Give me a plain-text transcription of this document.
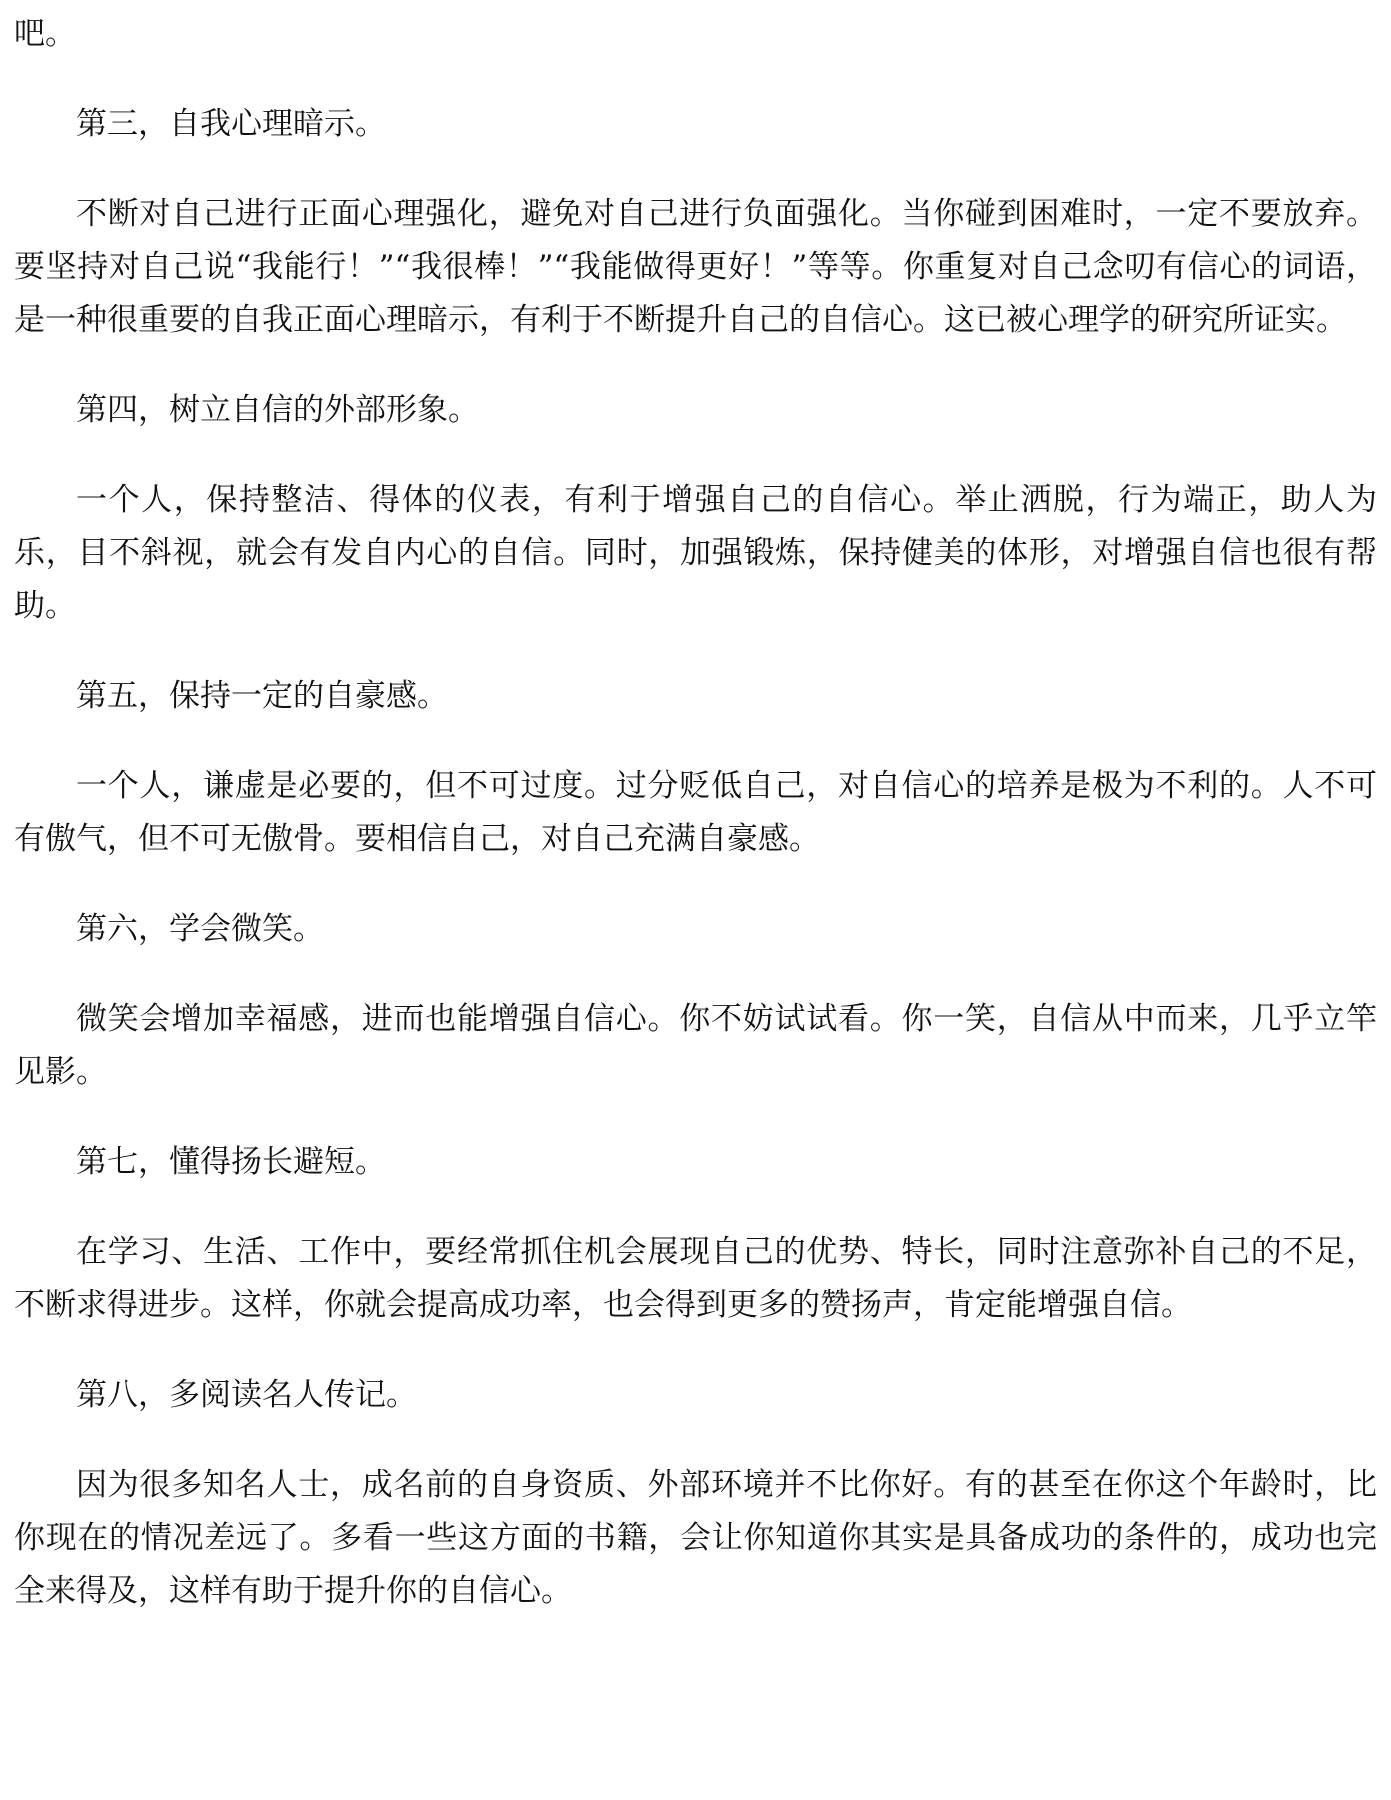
吧。

第三，自我心理暗示。

不断对自己进行正面心理强化，避免对自己进行负面强化。当你碰到困难时，一定不要放弃。要坚持对自己说“我能行！”“我很棒！”“我能做得更好！”等等。你重复对自己念叨有信心的词语，是一种很重要的自我正面心理暗示，有利于不断提升自己的自信心。这已被心理学的研究所证实。

第四，树立自信的外部形象。

一个人，保持整洁、得体的仪表，有利于增强自己的自信心。举止洒脱，行为端正，助人为乐，目不斜视，就会有发自内心的自信。同时，加强锻炼，保持健美的体形，对增强自信也很有帮助。

第五，保持一定的自豪感。

一个人，谦虚是必要的，但不可过度。过分贬低自己，对自信心的培养是极为不利的。人不可有傲气，但不可无傲骨。要相信自己，对自己充满自豪感。

第六，学会微笑。

微笑会增加幸福感，进而也能增强自信心。你不妨试试看。你一笑，自信从中而来，几乎立竿见影。

第七，懂得扬长避短。

在学习、生活、工作中，要经常抓住机会展现自己的优势、特长，同时注意弥补自己的不足，不断求得进步。这样，你就会提高成功率，也会得到更多的赞扬声，肯定能增强自信。

第八，多阅读名人传记。

因为很多知名人士，成名前的自身资质、外部环境并不比你好。有的甚至在你这个年龄时，比你现在的情况差远了。多看一些这方面的书籍，会让你知道你其实是具备成功的条件的，成功也完全来得及，这样有助于提升你的自信心。
